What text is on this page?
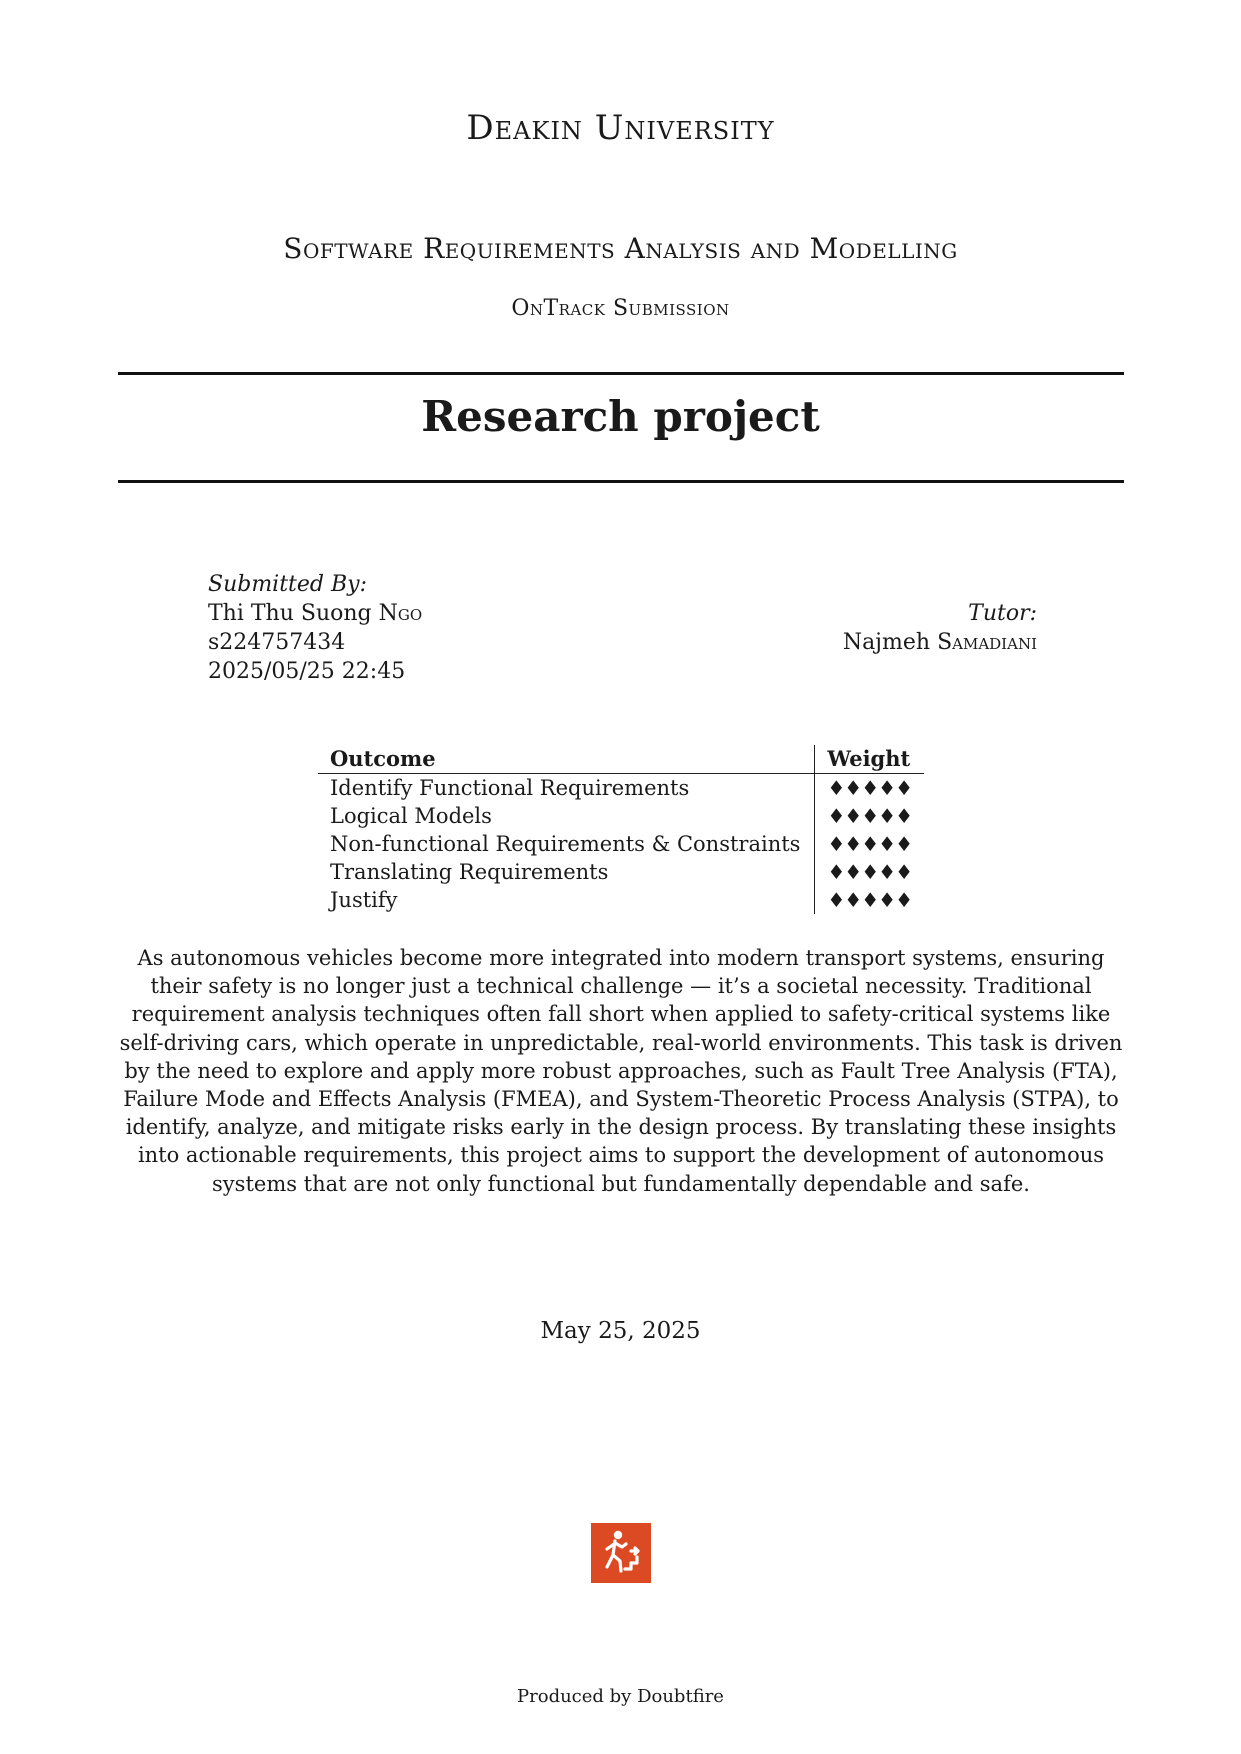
Deakin University
Software Requirements Analysis and Modelling
OnTrack Submission
Research project
Submitted By:
Thi Thu Suong Ngo
s224757434
2025/05/25 22:45
Tutor:
Najmeh Samadiani
Outcome	Weight
Identify Functional Requirements	♦♦♦♦♦
Logical Models	♦♦♦♦♦
Non-functional Requirements & Constraints	♦♦♦♦♦
Translating Requirements	♦♦♦♦♦
Justify	♦♦♦♦♦
As autonomous vehicles become more integrated into modern transport systems, ensuring their safety is no longer just a technical challenge — it’s a societal necessity. Traditional requirement analysis techniques often fall short when applied to safety-critical systems like self-driving cars, which operate in unpredictable, real-world environments. This task is driven by the need to explore and apply more robust approaches, such as Fault Tree Analysis (FTA), Failure Mode and Effects Analysis (FMEA), and System-Theoretic Process Analysis (STPA), to identify, analyze, and mitigate risks early in the design process. By translating these insights into actionable requirements, this project aims to support the development of autonomous systems that are not only functional but fundamentally dependable and safe.
May 25, 2025
Produced by Doubtfire
